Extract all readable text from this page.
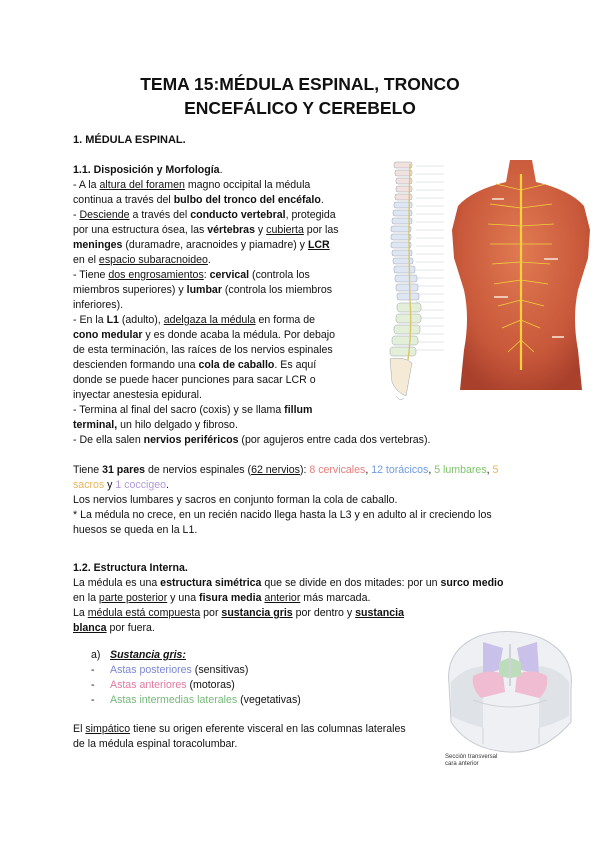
TEMA 15:MÉDULA ESPINAL, TRONCO
ENCEFÁLICO Y CEREBELO
1. MÉDULA ESPINAL.
1.1. Disposición y Morfología.
- A la altura del foramen magno occipital la médula
continua a través del bulbo del tronco del encéfalo.
- Desciende a través del conducto vertebral, protegida
por una estructura ósea, las vértebras y cubierta por las
meninges (duramadre, aracnoides y piamadre) y LCR
en el espacio subaracnoideo.
- Tiene dos engrosamientos: cervical (controla los
miembros superiores) y lumbar (controla los miembros
inferiores).
- En la L1 (adulto), adelgaza la médula en forma de
cono medular y es donde acaba la médula. Por debajo
de esta terminación, las raíces de los nervios espinales
descienden formando una cola de caballo. Es aquí
donde se puede hacer punciones para sacar LCR o
inyectar anestesia epidural.
- Termina al final del sacro (coxis) y se llama fillum
terminal, un hilo delgado y fibroso.
- De ella salen nervios periféricos (por agujeros entre cada dos vertebras).
Tiene 31 pares de nervios espinales (62 nervios): 8 cervicales, 12 torácicos, 5 lumbares, 5
sacros y 1 coccigeo.
Los nervios lumbares y sacros en conjunto forman la cola de caballo.
* La médula no crece, en un recién nacido llega hasta la L3 y en adulto al ir creciendo los
huesos se queda en la L1.
1.2. Estructura Interna.
La médula es una estructura simétrica que se divide en dos mitades: por un surco medio
en la parte posterior y una fisura media anterior más marcada.
La médula está compuesta por sustancia gris por dentro y sustancia
blanca por fuera.
a) Sustancia gris:
- Astas posteriores (sensitivas)
- Astas anteriores (motoras)
- Astas intermedias laterales (vegetativas)
El simpático tiene su origen eferente visceral en las columnas laterales
de la médula espinal toracolumbar.
Sección transversal
cara anterior
